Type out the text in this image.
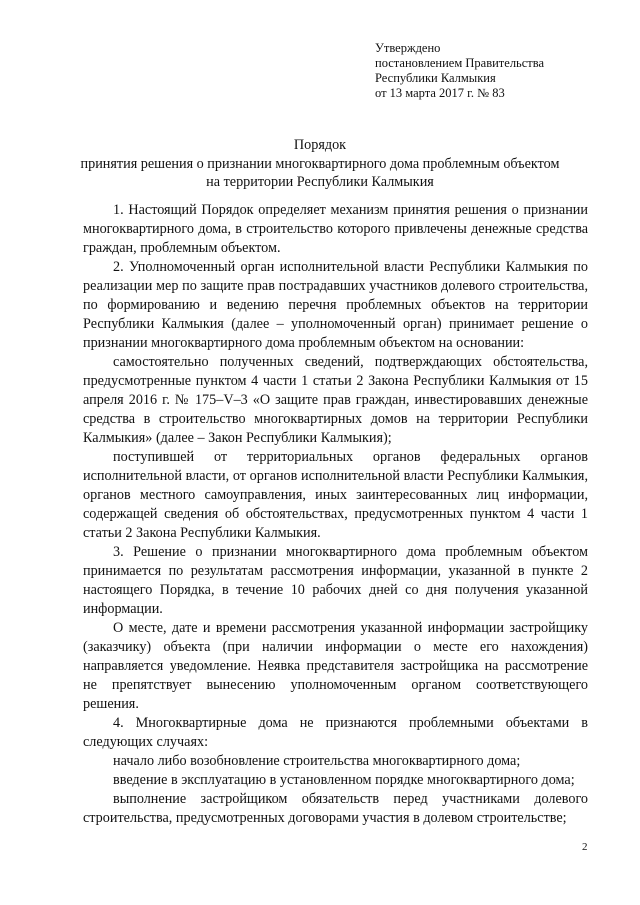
Утверждено
постановлением Правительства
Республики Калмыкия
от 13 марта 2017 г. № 83
Порядок
принятия решения о признании многоквартирного дома проблемным объектом
на территории Республики Калмыкия

1. Настоящий Порядок определяет механизм принятия решения о признании многоквартирного дома, в строительство которого привлечены денежные средства граждан, проблемным объектом.

2. Уполномоченный орган исполнительной власти Республики Калмыкия по реализации мер по защите прав пострадавших участников долевого строительства, по формированию и ведению перечня проблемных объектов на территории Республики Калмыкия (далее – уполномоченный орган) принимает решение о признании многоквартирного дома проблемным объектом на основании:

самостоятельно полученных сведений, подтверждающих обстоятельства, предусмотренные пунктом 4 части 1 статьи 2 Закона Республики Калмыкия от 15 апреля 2016 г. № 175–V–3 «О защите прав граждан, инвестировавших денежные средства в строительство многоквартирных домов на территории Республики Калмыкия» (далее – Закон Республики Калмыкия);

поступившей от территориальных органов федеральных органов исполнительной власти, от органов исполнительной власти Республики Калмыкия, органов местного самоуправления, иных заинтересованных лиц информации, содержащей сведения об обстоятельствах, предусмотренных пунктом 4 части 1 статьи 2 Закона Республики Калмыкия.

3. Решение о признании многоквартирного дома проблемным объектом принимается по результатам рассмотрения информации, указанной в пункте 2 настоящего Порядка, в течение 10 рабочих дней со дня получения указанной информации.

О месте, дате и времени рассмотрения указанной информации застройщику (заказчику) объекта (при наличии информации о месте его нахождения) направляется уведомление. Неявка представителя застройщика на рассмотрение не препятствует вынесению уполномоченным органом соответствующего решения.

4. Многоквартирные дома не признаются проблемными объектами в следующих случаях:

начало либо возобновление строительства многоквартирного дома;

введение в эксплуатацию в установленном порядке многоквартирного дома;

выполнение застройщиком обязательств перед участниками долевого строительства, предусмотренных договорами участия в долевом строительстве;

2
